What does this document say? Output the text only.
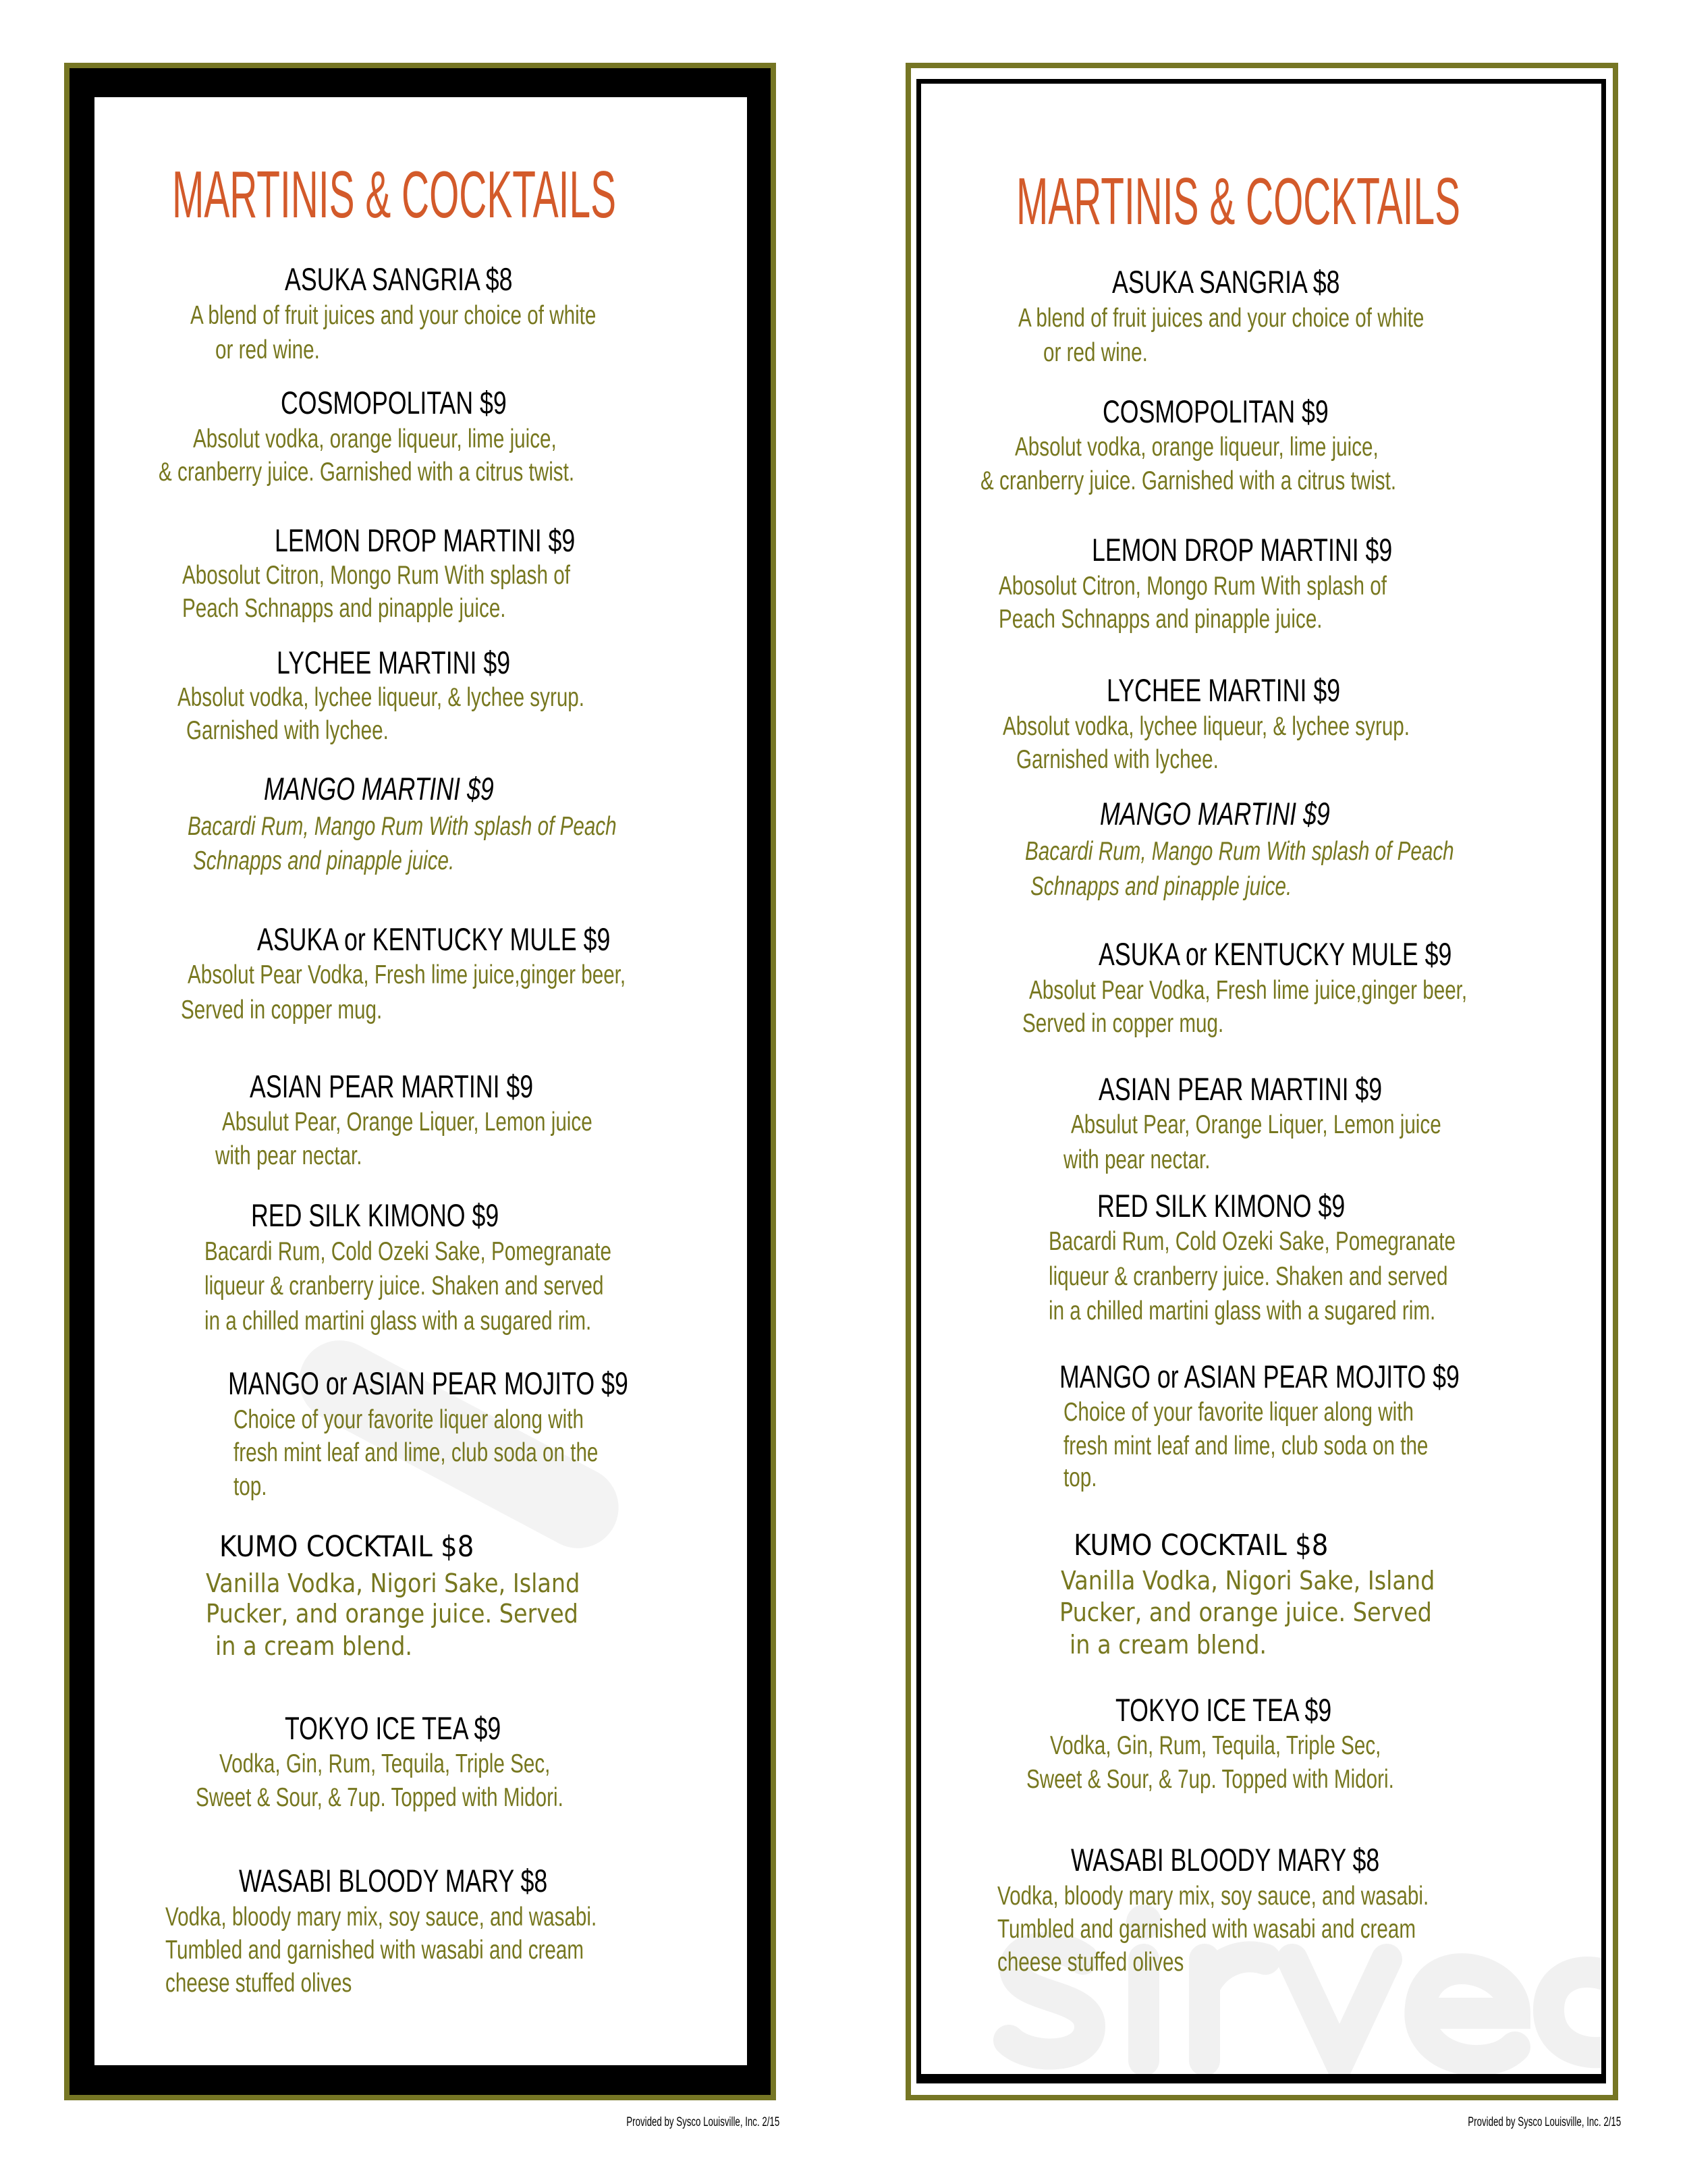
MARTINIS & COCKTAILS
ASUKA SANGRIA $8
A blend of fruit juices and your choice of white
or red wine.
COSMOPOLITAN $9
Absolut vodka, orange liqueur, lime juice,
& cranberry juice. Garnished with a citrus twist.
LEMON DROP MARTINI $9
Abosolut Citron, Mongo Rum With splash of
Peach Schnapps and pinapple juice.
LYCHEE MARTINI $9
Absolut vodka, lychee liqueur, & lychee syrup.
Garnished with lychee.
MANGO MARTINI $9
Bacardi Rum, Mango Rum With splash of Peach
Schnapps and pinapple juice.
ASUKA or KENTUCKY MULE $9
Absolut Pear Vodka, Fresh lime juice,ginger beer,
Served in copper mug.
ASIAN PEAR MARTINI $9
Absulut Pear, Orange Liquer, Lemon juice
with pear nectar.
RED SILK KIMONO $9
Bacardi Rum, Cold Ozeki Sake, Pomegranate
liqueur & cranberry juice. Shaken and served
in a chilled martini glass with a sugared rim.
MANGO or ASIAN PEAR MOJITO $9
Choice of your favorite liquer along with
fresh mint leaf and lime, club soda on the
top.
KUMO COCKTAIL $8
Vanilla Vodka, Nigori Sake, Island
Pucker, and orange juice. Served
in a cream blend.
TOKYO ICE TEA $9
Vodka, Gin, Rum, Tequila, Triple Sec,
Sweet & Sour, & 7up. Topped with Midori.
WASABI BLOODY MARY $8
Vodka, bloody mary mix, soy sauce, and wasabi.
Tumbled and garnished with wasabi and cream
cheese stuffed olives
MARTINIS & COCKTAILS
ASUKA SANGRIA $8
A blend of fruit juices and your choice of white
or red wine.
COSMOPOLITAN $9
Absolut vodka, orange liqueur, lime juice,
& cranberry juice. Garnished with a citrus twist.
LEMON DROP MARTINI $9
Abosolut Citron, Mongo Rum With splash of
Peach Schnapps and pinapple juice.
LYCHEE MARTINI $9
Absolut vodka, lychee liqueur, & lychee syrup.
Garnished with lychee.
MANGO MARTINI $9
Bacardi Rum, Mango Rum With splash of Peach
Schnapps and pinapple juice.
ASUKA or KENTUCKY MULE $9
Absolut Pear Vodka, Fresh lime juice,ginger beer,
Served in copper mug.
ASIAN PEAR MARTINI $9
Absulut Pear, Orange Liquer, Lemon juice
with pear nectar.
RED SILK KIMONO $9
Bacardi Rum, Cold Ozeki Sake, Pomegranate
liqueur & cranberry juice. Shaken and served
in a chilled martini glass with a sugared rim.
MANGO or ASIAN PEAR MOJITO $9
Choice of your favorite liquer along with
fresh mint leaf and lime, club soda on the
top.
KUMO COCKTAIL $8
Vanilla Vodka, Nigori Sake, Island
Pucker, and orange juice. Served
in a cream blend.
TOKYO ICE TEA $9
Vodka, Gin, Rum, Tequila, Triple Sec,
Sweet & Sour, & 7up. Topped with Midori.
WASABI BLOODY MARY $8
Vodka, bloody mary mix, soy sauce, and wasabi.
Tumbled and garnished with wasabi and cream
cheese stuffed olives
Provided by Sysco Louisville, Inc. 2/15	Provided by Sysco Louisville, Inc. 2/15
